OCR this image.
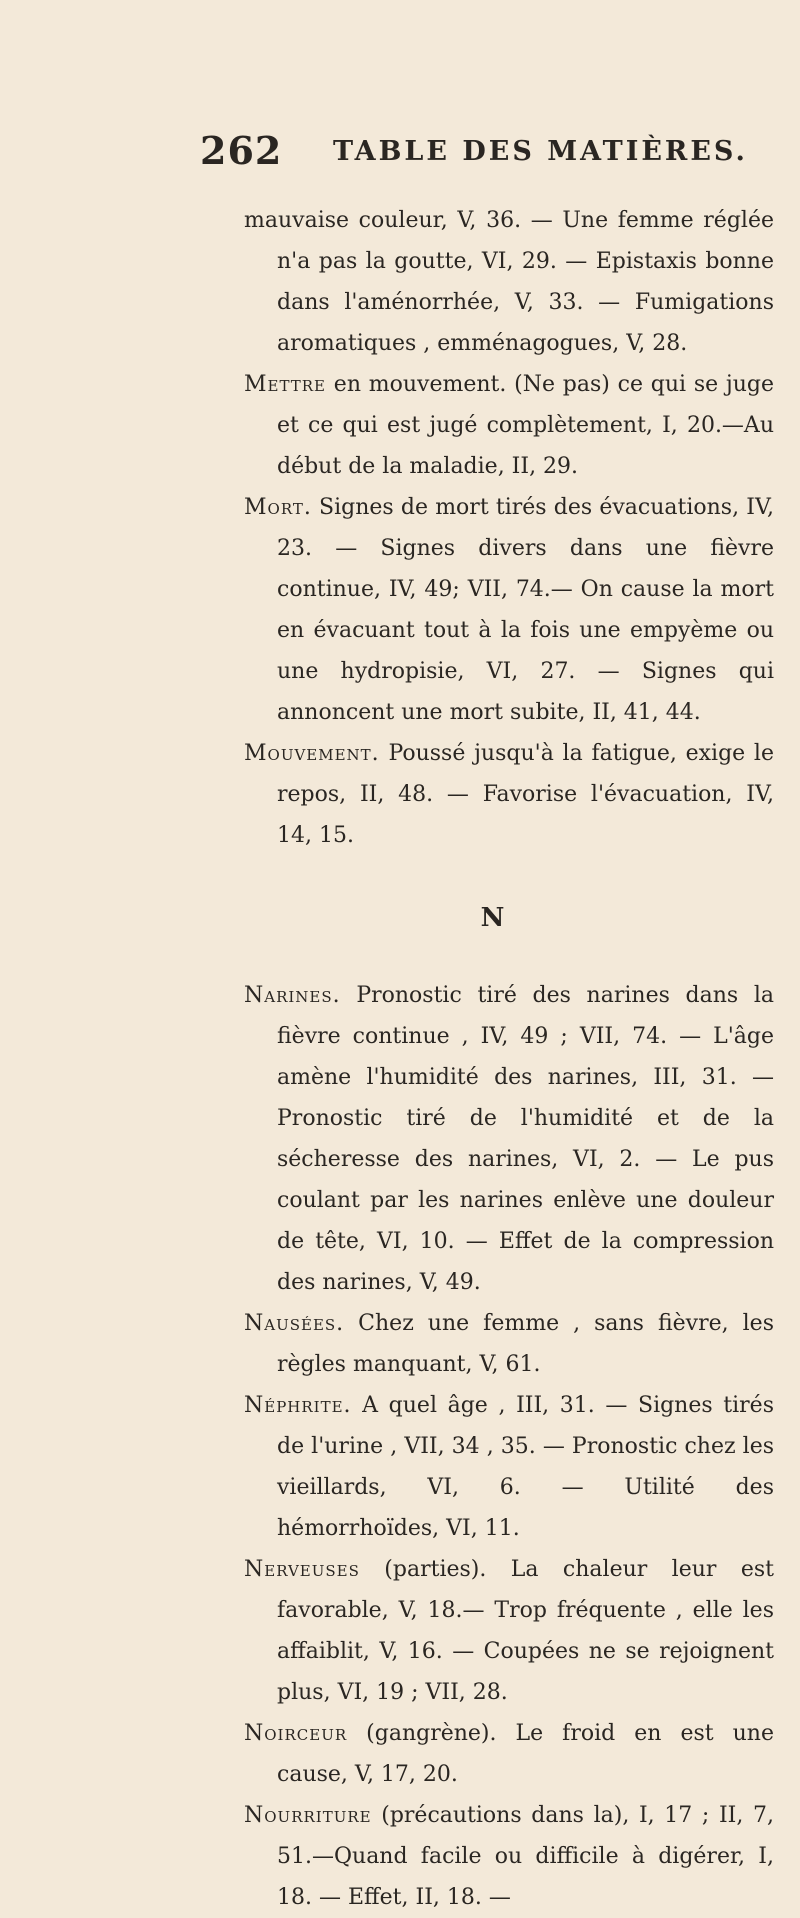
262 TABLE DES MATIÈRES.

mauvaise couleur, V, 36. — Une femme réglée n'a pas la goutte, VI, 29. — Epistaxis bonne dans l'aménorrhée, V, 33. — Fumigations aromatiques , emménagogues, V, 28.

Mettre en mouvement. (Ne pas) ce qui se juge et ce qui est jugé complètement, I, 20.—Au début de la maladie, II, 29.

Mort. Signes de mort tirés des évacuations, IV, 23. — Signes divers dans une fièvre continue, IV, 49; VII, 74.— On cause la mort en évacuant tout à la fois une empyème ou une hydropisie, VI, 27. — Signes qui annoncent une mort subite, II, 41, 44.

Mouvement. Poussé jusqu'à la fatigue, exige le repos, II, 48. — Favorise l'évacuation, IV, 14, 15.

N

Narines. Pronostic tiré des narines dans la fièvre continue , IV, 49 ; VII, 74. — L'âge amène l'humidité des narines, III, 31. — Pronostic tiré de l'humidité et de la sécheresse des narines, VI, 2. — Le pus coulant par les narines enlève une douleur de tête, VI, 10. — Effet de la compression des narines, V, 49.

Nausées. Chez une femme , sans fièvre, les règles manquant, V, 61.

Néphrite. A quel âge , III, 31. — Signes tirés de l'urine , VII, 34 , 35. — Pronostic chez les vieillards, VI, 6. — Utilité des hémorrhoïdes, VI, 11.

Nerveuses (parties). La chaleur leur est favorable, V, 18.— Trop fréquente , elle les affaiblit, V, 16. — Coupées ne se rejoignent plus, VI, 19 ; VII, 28.

Noirceur (gangrène). Le froid en est une cause, V, 17, 20.

Nourriture (précautions dans la), I, 17 ; II, 7, 51.—Quand facile ou difficile à digérer, I, 18. — Effet, II, 18. —
